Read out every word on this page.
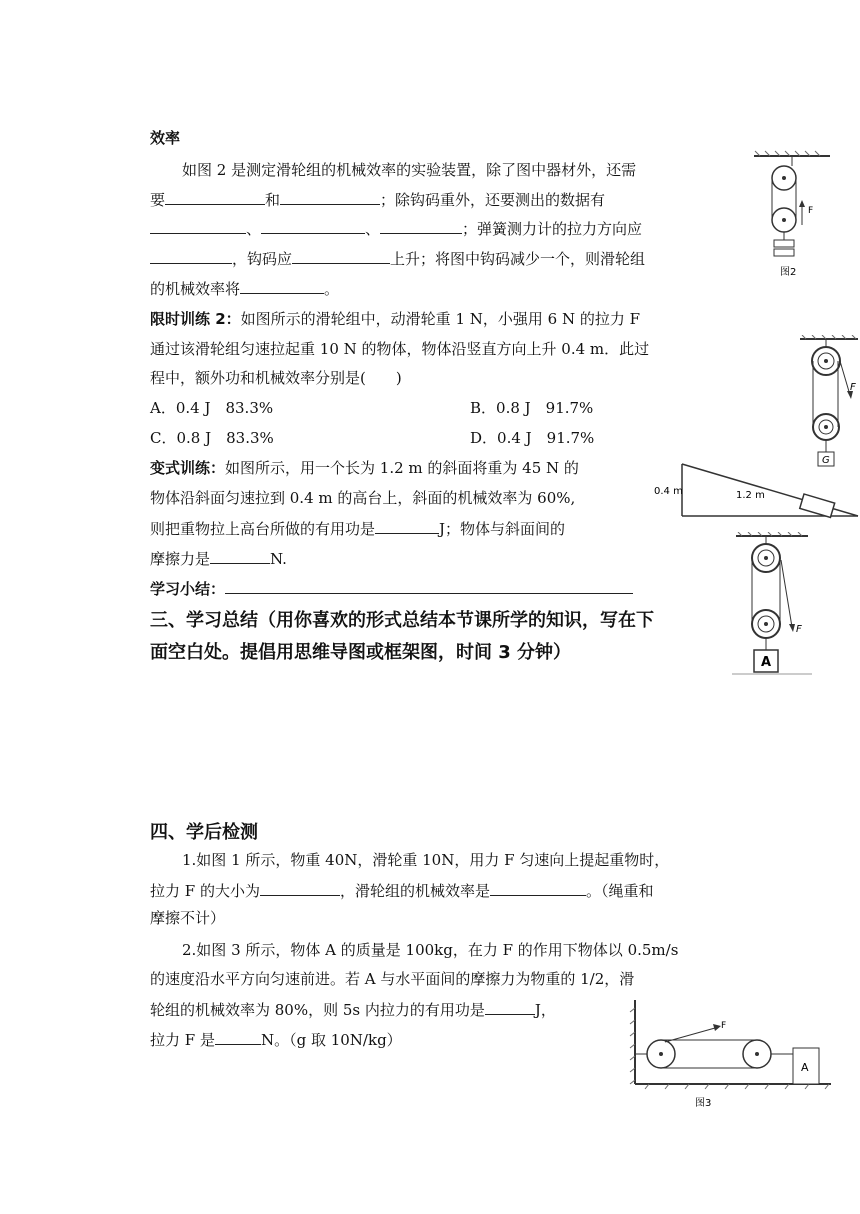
效率
如图 2 是测定滑轮组的机械效率的实验装置，除了图中器材外，还需
要	和	；除钩码重外，还要测出的数据有
、	、	；弹簧测力计的拉力方向应
，钩码应	上升；将图中钩码减少一个，则滑轮组
的机械效率将	。
F
图2
限时训练 2：如图所示的滑轮组中，动滑轮重 1 N，小强用 6 N 的拉力 F
通过该滑轮组匀速拉起重 10 N 的物体，物体沿竖直方向上升 0.4 m．此过
程中，额外功和机械效率分别是(　　)
A．0.4 J　83.3%	B．0.8 J　91.7%
C．0.8 J　83.3%	D．0.4 J　91.7%
F
G
变式训练：如图所示，用一个长为 1.2 m 的斜面将重为 45 N 的
物体沿斜面匀速拉到 0.4 m 的高台上，斜面的机械效率为 60%,
则把重物拉上高台所做的有用功是	J；物体与斜面间的
摩擦力是	N.
0.4 m	1.2 m
学习小结：
F
A
三、学习总结（用你喜欢的形式总结本节课所学的知识，写在下
面空白处。提倡用思维导图或框架图，时间 3 分钟）
四、学后检测
1.如图 1 所示，物重 40N，滑轮重 10N，用力 F 匀速向上提起重物时，
拉力 F 的大小为	，滑轮组的机械效率是	。（绳重和
摩擦不计）
2.如图 3 所示，物体 A 的质量是 100kg，在力 F 的作用下物体以 0.5m/s
的速度沿水平方向匀速前进。若 A 与水平面间的摩擦力为物重的 1/2，滑
轮组的机械效率为 80%，则 5s 内拉力的有用功是	J，
拉力 F 是	N。（g 取 10N/kg）
F
A
图3
